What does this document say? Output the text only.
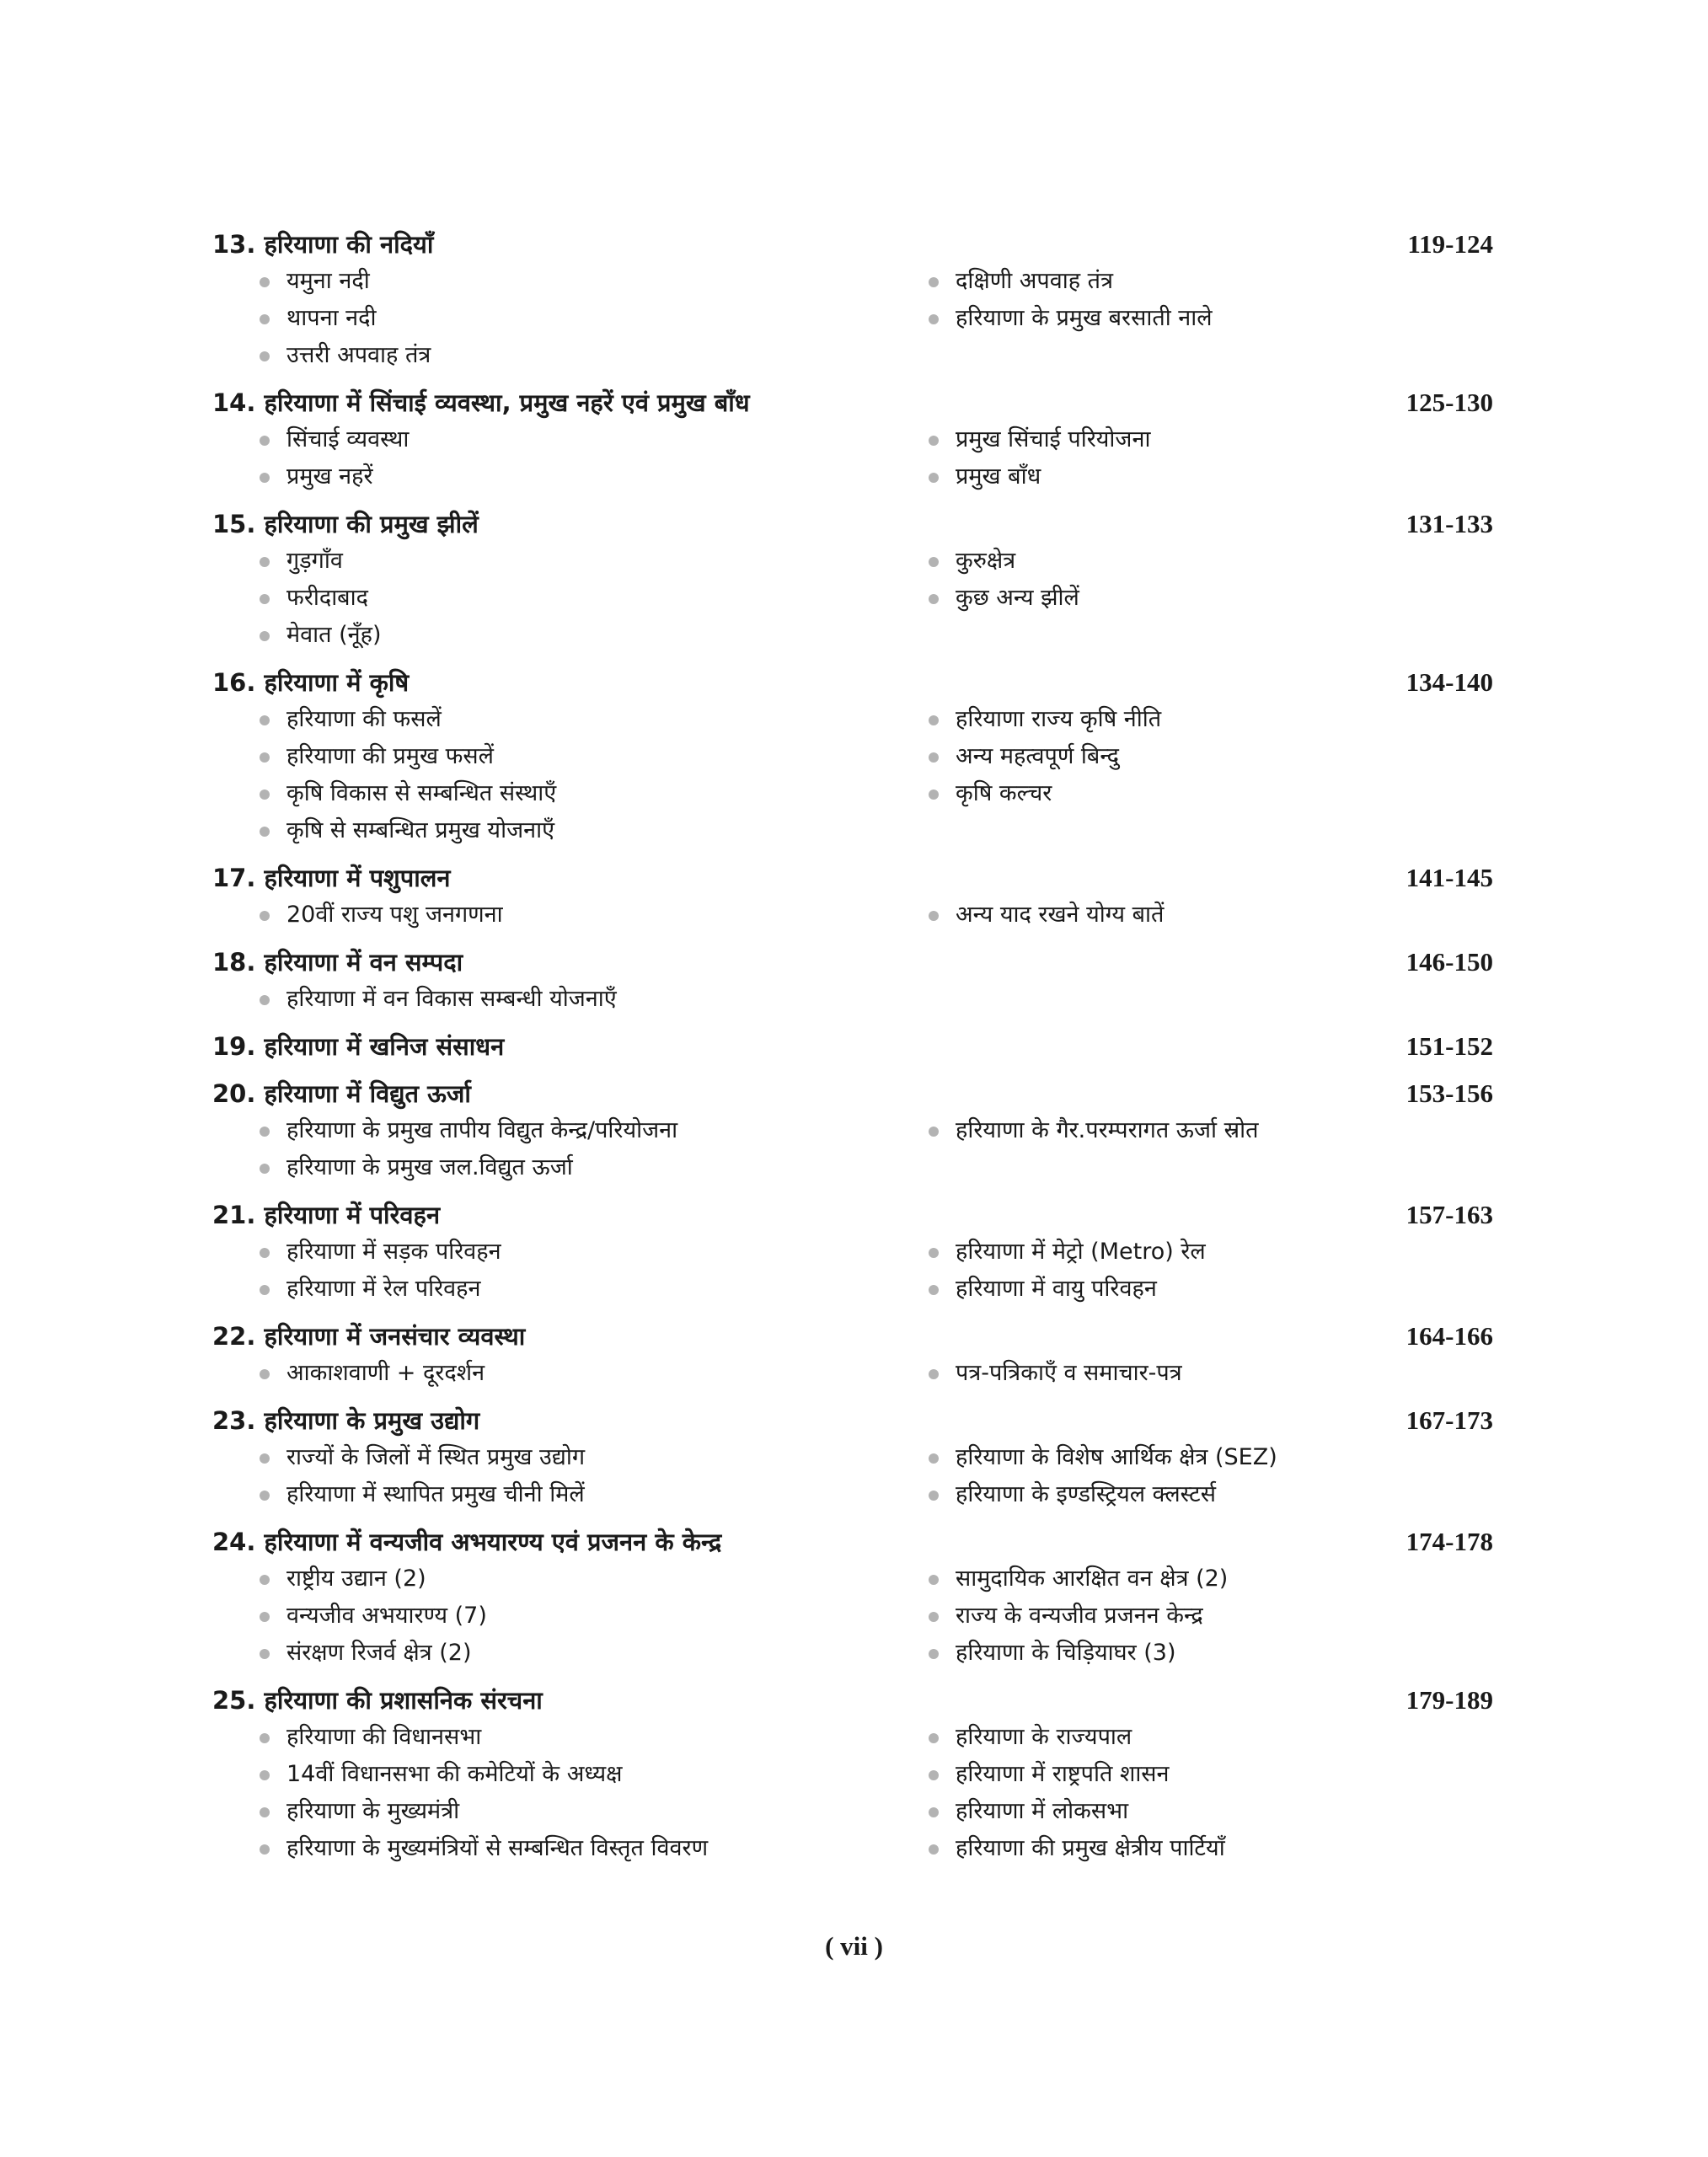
13. हरियाणा की नदियाँ	119-124
यमुना नदी	दक्षिणी अपवाह तंत्र
थापना नदी	हरियाणा के प्रमुख बरसाती नाले
उत्तरी अपवाह तंत्र
14. हरियाणा में सिंचाई व्यवस्था, प्रमुख नहरें एवं प्रमुख बाँध	125-130
सिंचाई व्यवस्था	प्रमुख सिंचाई परियोजना
प्रमुख नहरें	प्रमुख बाँध
15. हरियाणा की प्रमुख झीलें	131-133
गुड़गाँव	कुरुक्षेत्र
फरीदाबाद	कुछ अन्य झीलें
मेवात (नूँह)
16. हरियाणा में कृषि	134-140
हरियाणा की फसलें	हरियाणा राज्य कृषि नीति
हरियाणा की प्रमुख फसलें	अन्य महत्वपूर्ण बिन्दु
कृषि विकास से सम्बन्धित संस्थाएँ	कृषि कल्चर
कृषि से सम्बन्धित प्रमुख योजनाएँ
17. हरियाणा में पशुपालन	141-145
20वीं राज्य पशु जनगणना	अन्य याद रखने योग्य बातें
18. हरियाणा में वन सम्पदा	146-150
हरियाणा में वन विकास सम्बन्धी योजनाएँ
19. हरियाणा में खनिज संसाधन	151-152
20. हरियाणा में विद्युत ऊर्जा	153-156
हरियाणा के प्रमुख तापीय विद्युत केन्द्र/परियोजना	हरियाणा के गैर.परम्परागत ऊर्जा स्रोत
हरियाणा के प्रमुख जल.विद्युत ऊर्जा
21. हरियाणा में परिवहन	157-163
हरियाणा में सड़क परिवहन	हरियाणा में मेट्रो (Metro) रेल
हरियाणा में रेल परिवहन	हरियाणा में वायु परिवहन
22. हरियाणा में जनसंचार व्यवस्था	164-166
आकाशवाणी + दूरदर्शन	पत्र-पत्रिकाएँ व समाचार-पत्र
23. हरियाणा के प्रमुख उद्योग	167-173
राज्यों के जिलों में स्थित प्रमुख उद्योग	हरियाणा के विशेष आर्थिक क्षेत्र (SEZ)
हरियाणा में स्थापित प्रमुख चीनी मिलें	हरियाणा के इण्डस्ट्रियल क्लस्टर्स
24. हरियाणा में वन्यजीव अभयारण्य एवं प्रजनन के केन्द्र	174-178
राष्ट्रीय उद्यान (2)	सामुदायिक आरक्षित वन क्षेत्र (2)
वन्यजीव अभयारण्य (7)	राज्य के वन्यजीव प्रजनन केन्द्र
संरक्षण रिजर्व क्षेत्र (2)	हरियाणा के चिड़ियाघर (3)
25. हरियाणा की प्रशासनिक संरचना	179-189
हरियाणा की विधानसभा	हरियाणा के राज्यपाल
14वीं विधानसभा की कमेटियों के अध्यक्ष	हरियाणा में राष्ट्रपति शासन
हरियाणा के मुख्यमंत्री	हरियाणा में लोकसभा
हरियाणा के मुख्यमंत्रियों से सम्बन्धित विस्तृत विवरण	हरियाणा की प्रमुख क्षेत्रीय पार्टियाँ
( vii )
